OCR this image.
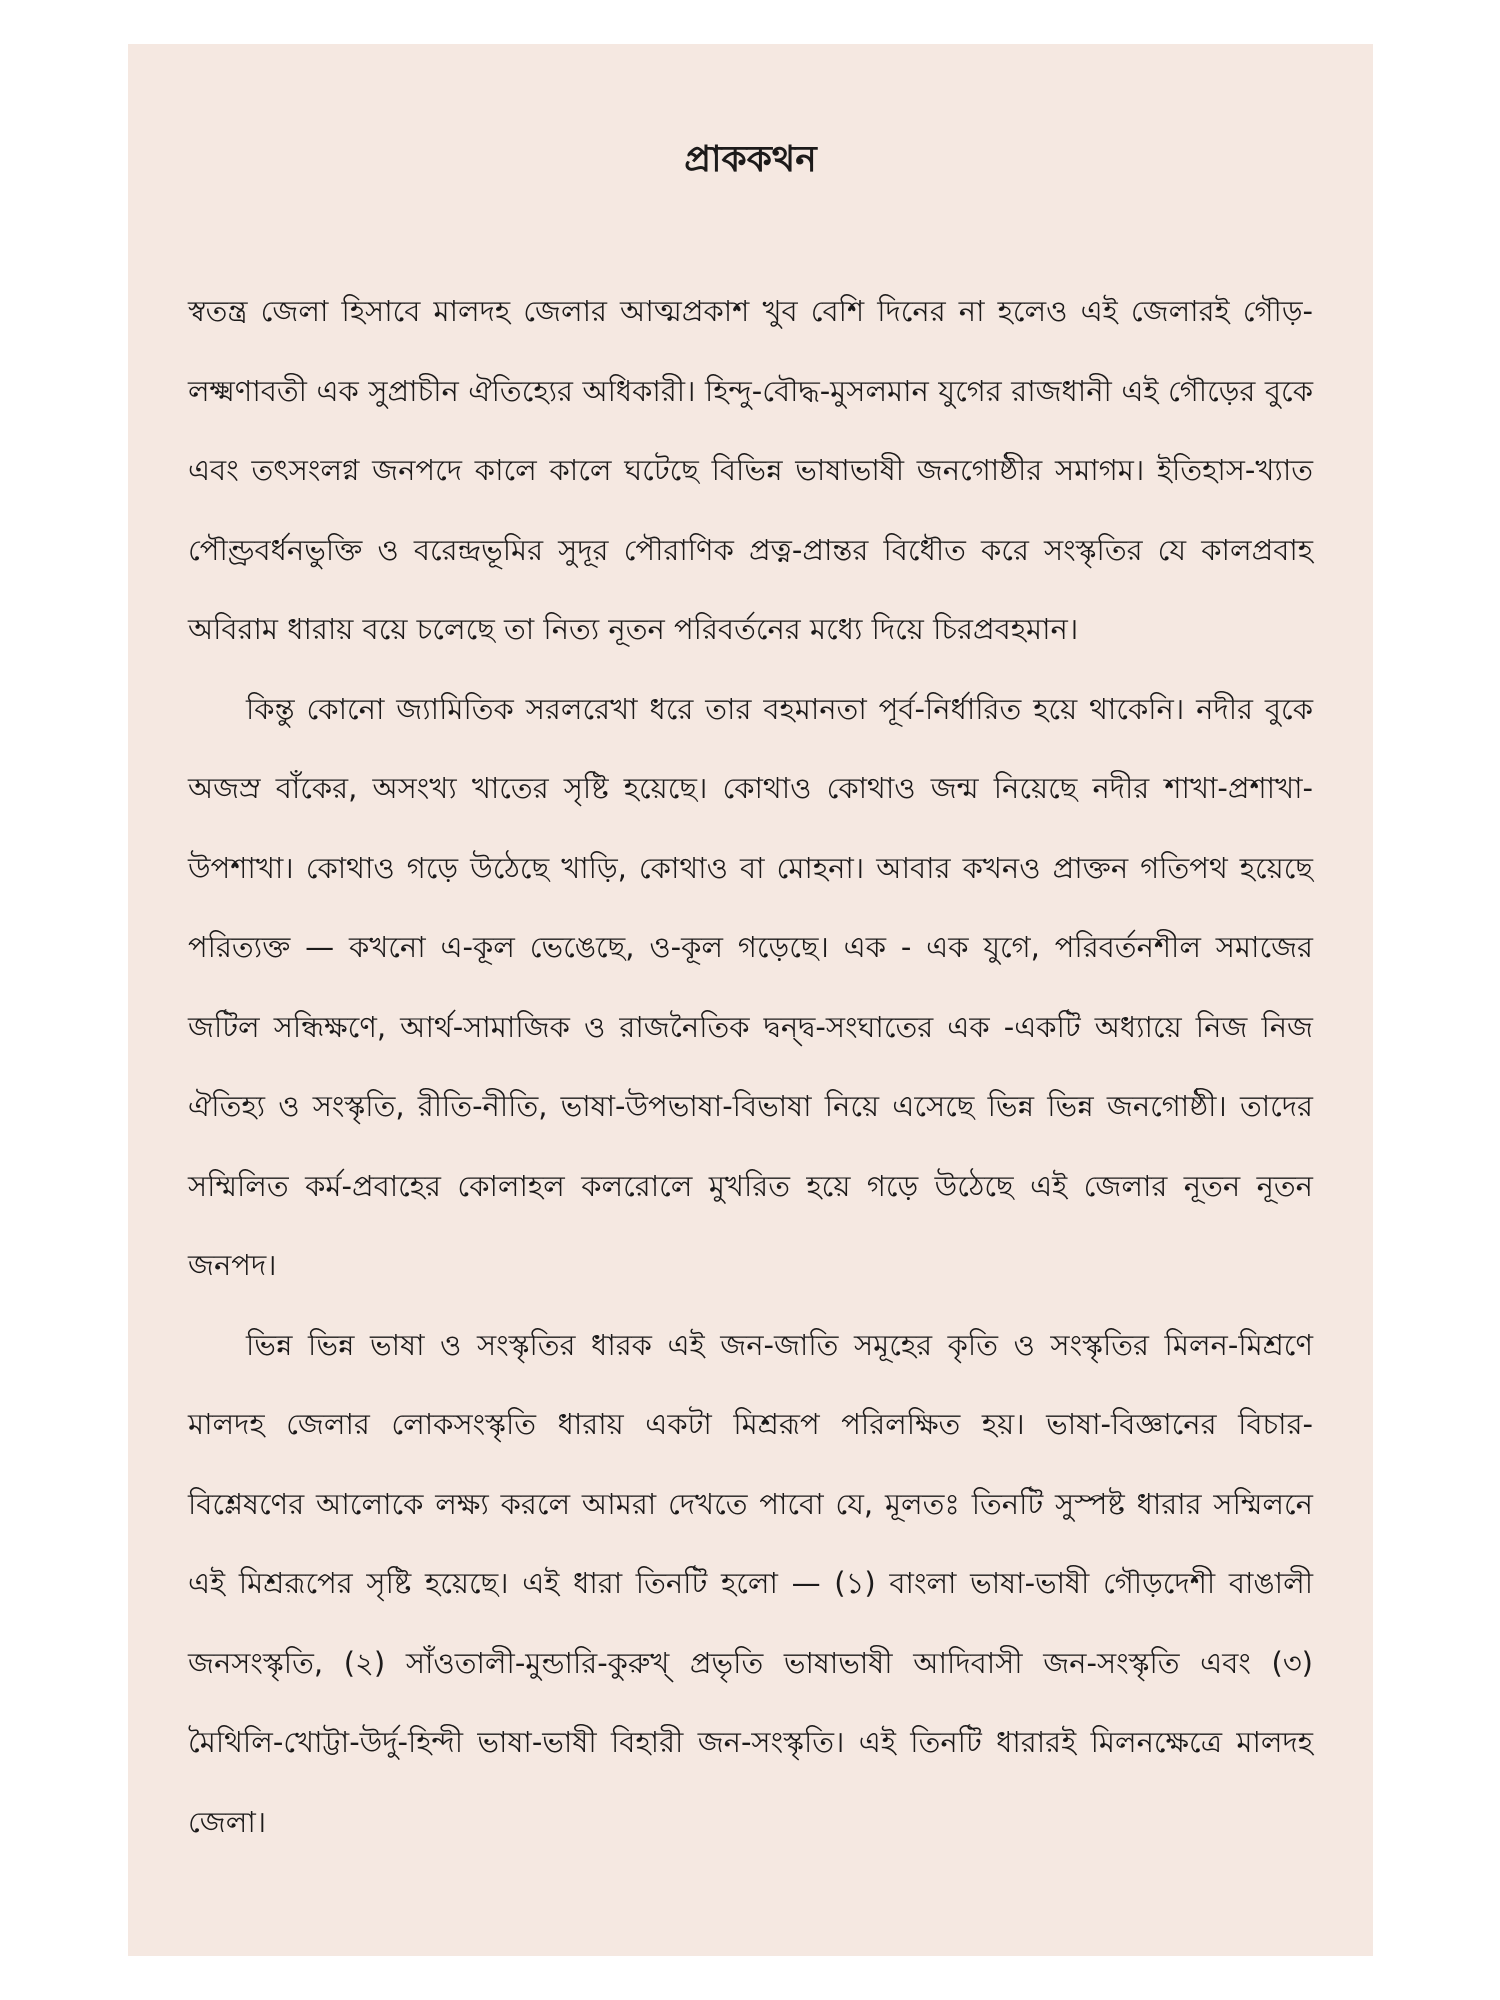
প্রাককথন

স্বতন্ত্র জেলা হিসাবে মালদহ জেলার আত্মপ্রকাশ খুব বেশি দিনের না হলেও এই জেলারই গৌড়-লক্ষ্মণাবতী এক সুপ্রাচীন ঐতিহ্যের অধিকারী। হিন্দু-বৌদ্ধ-মুসলমান যুগের রাজধানী এই গৌড়ের বুকে এবং তৎসংলগ্ন জনপদে কালে কালে ঘটেছে বিভিন্ন ভাষাভাষী জনগোষ্ঠীর সমাগম। ইতিহাস-খ্যাত পৌণ্ড্রবর্ধনভুক্তি ও বরেন্দ্রভূমির সুদূর পৌরাণিক প্রত্ন-প্রান্তর বিধৌত করে সংস্কৃতির যে কালপ্রবাহ অবিরাম ধারায় বয়ে চলেছে তা নিত্য নূতন পরিবর্তনের মধ্যে দিয়ে চিরপ্রবহমান।

কিন্তু কোনো জ্যামিতিক সরলরেখা ধরে তার বহমানতা পূর্ব-নির্ধারিত হয়ে থাকেনি। নদীর বুকে অজস্র বাঁকের, অসংখ্য খাতের সৃষ্টি হয়েছে। কোথাও কোথাও জন্ম নিয়েছে নদীর শাখা-প্রশাখা-উপশাখা। কোথাও গড়ে উঠেছে খাড়ি, কোথাও বা মোহনা। আবার কখনও প্রাক্তন গতিপথ হয়েছে পরিত্যক্ত — কখনো এ-কূল ভেঙেছে, ও-কূল গড়েছে। এক - এক যুগে, পরিবর্তনশীল সমাজের জটিল সন্ধিক্ষণে, আর্থ-সামাজিক ও রাজনৈতিক দ্বন্দ্ব-সংঘাতের এক -একটি অধ্যায়ে নিজ নিজ ঐতিহ্য ও সংস্কৃতি, রীতি-নীতি, ভাষা-উপভাষা-বিভাষা নিয়ে এসেছে ভিন্ন ভিন্ন জনগোষ্ঠী। তাদের সম্মিলিত কর্ম-প্রবাহের কোলাহল কলরোলে মুখরিত হয়ে গড়ে উঠেছে এই জেলার নূতন নূতন জনপদ।

ভিন্ন ভিন্ন ভাষা ও সংস্কৃতির ধারক এই জন-জাতি সমূহের কৃতি ও সংস্কৃতির মিলন-মিশ্রণে মালদহ জেলার লোকসংস্কৃতি ধারায় একটা মিশ্ররূপ পরিলক্ষিত হয়। ভাষা-বিজ্ঞানের বিচার-বিশ্লেষণের আলোকে লক্ষ্য করলে আমরা দেখতে পাবো যে, মূলতঃ তিনটি সুস্পষ্ট ধারার সম্মিলনে এই মিশ্ররূপের সৃষ্টি হয়েছে। এই ধারা তিনটি হলো — (১) বাংলা ভাষা-ভাষী গৌড়দেশী বাঙালী জনসংস্কৃতি, (২) সাঁওতালী-মুন্ডারি-কুরুখ্ প্রভৃতি ভাষাভাষী আদিবাসী জন-সংস্কৃতি এবং (৩) মৈথিলি-খোট্টা-উর্দু-হিন্দী ভাষা-ভাষী বিহারী জন-সংস্কৃতি। এই তিনটি ধারারই মিলনক্ষেত্রে মালদহ জেলা।
